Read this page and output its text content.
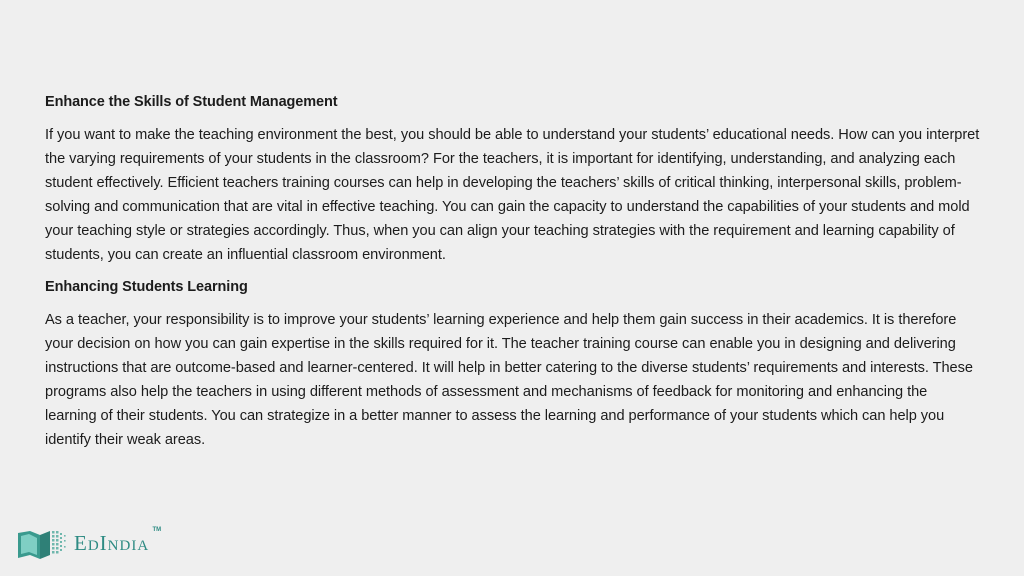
Enhance the Skills of Student Management

If you want to make the teaching environment the best, you should be able to understand your students’ educational needs. How can you interpret the varying requirements of your students in the classroom? For the teachers, it is important for identifying, understanding, and analyzing each student effectively. Efficient teachers training courses can help in developing the teachers’ skills of critical thinking, interpersonal skills, problem-solving and communication that are vital in effective teaching. You can gain the capacity to understand the capabilities of your students and mold your teaching style or strategies accordingly. Thus, when you can align your teaching strategies with the requirement and learning capability of students, you can create an influential classroom environment.

Enhancing Students Learning

As a teacher, your responsibility is to improve your students’ learning experience and help them gain success in their academics. It is therefore your decision on how you can gain expertise in the skills required for it. The teacher training course can enable you in designing and delivering instructions that are outcome-based and learner-centered. It will help in better catering to the diverse students’ requirements and interests. These programs also help the teachers in using different methods of assessment and mechanisms of feedback for monitoring and enhancing the learning of their students. You can strategize in a better manner to assess the learning and performance of your students which can help you identify their weak areas.

EdIndia
TM
